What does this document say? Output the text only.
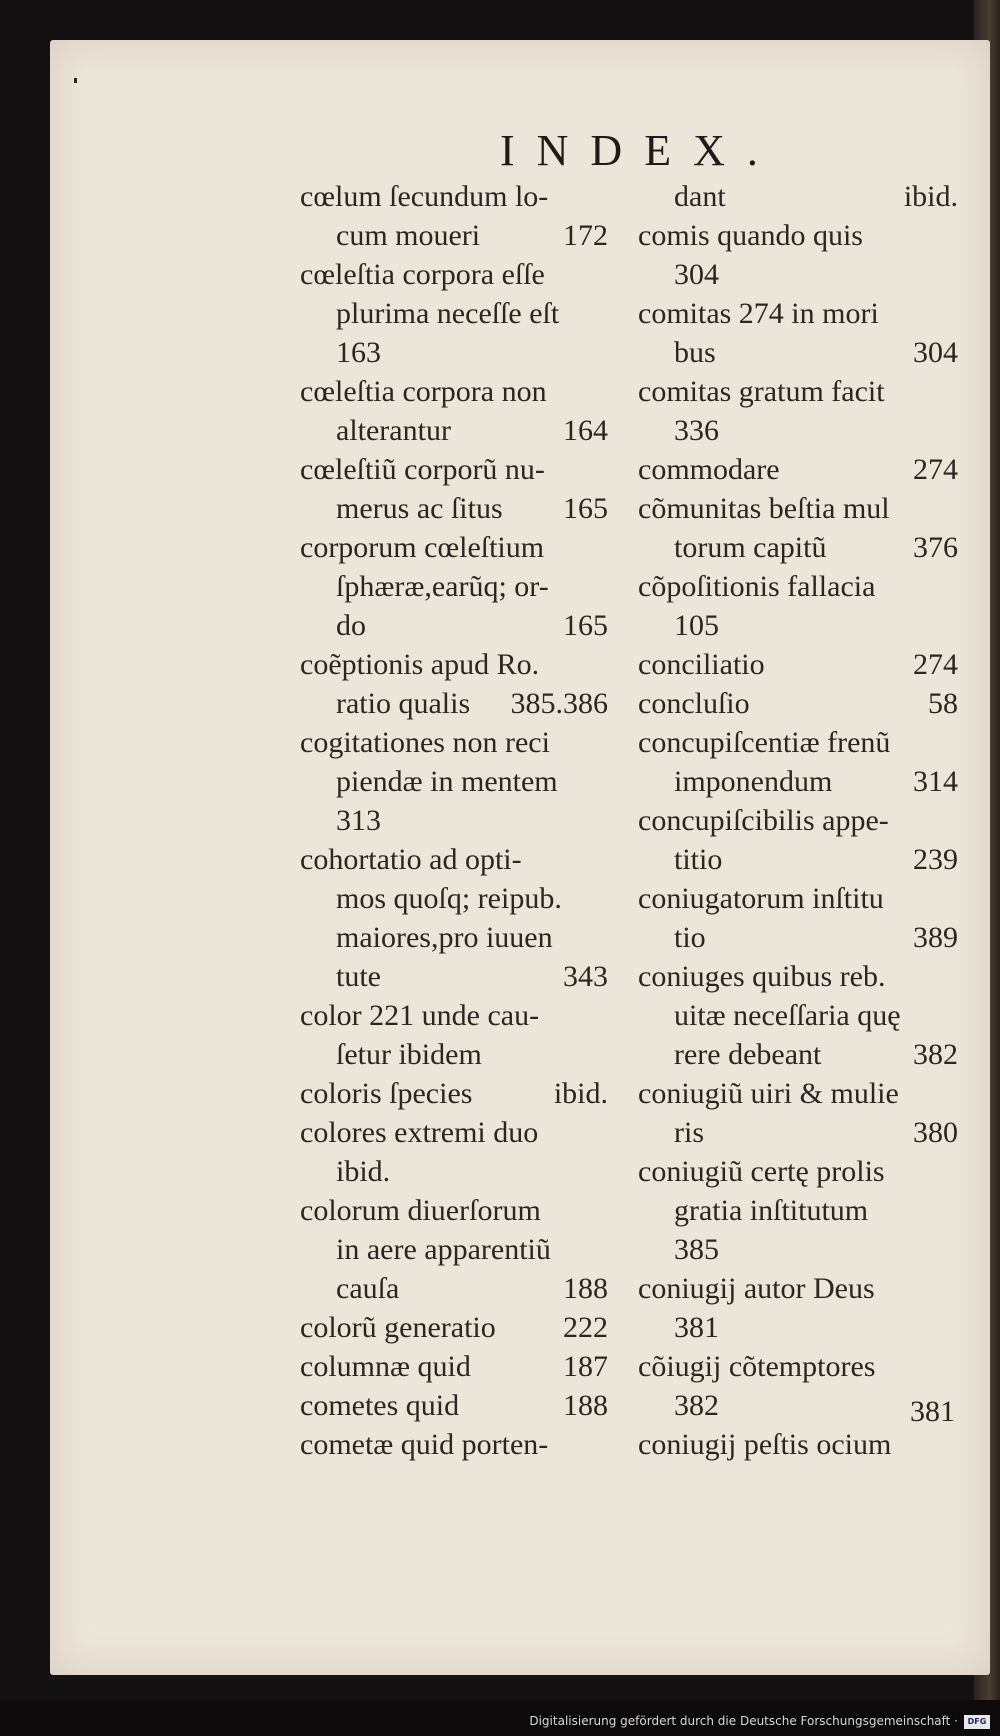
INDEX.
cœlum ſecundum lo-
cum moueri	172
cœleſtia corpora eſſe
plurima neceſſe eſt
163
cœleſtia corpora non
alterantur	164
cœleſtiũ corporũ nu-
merus ac ſitus 165
corporum cœleſtium
ſphæræ,earũq; or-
do	165
coẽptionis apud Ro.
ratio qualis 385.386
cogitationes non reci
piendæ in mentem
313
cohortatio ad opti-
mos quoſq; reipub.
maiores,pro iuuen
tute	343
color 221 unde cau-
ſetur ibidem
coloris ſpecies	ibid.
colores extremi duo
ibid.
colorum diuerſorum
in aere apparentiũ
cauſa	188
colorũ generatio 222
columnæ quid	187
cometes quid	188
cometæ quid porten-
dant	ibid.
comis quando quis
304
comitas 274 in mori
bus	304
comitas gratum facit
336
commodare	274
cõmunitas beſtia mul
torum capitũ	376
cõpoſitionis fallacia
105
conciliatio	274
concluſio	58
concupiſcentiæ frenũ
imponendum	314
concupiſcibilis appe-
titio	239
coniugatorum inſtitu
tio	389
coniuges quibus reb.
uitæ neceſſaria quę
rere debeant	382
coniugiũ uiri & mulie
ris	380
coniugiũ certę prolis
gratia inſtitutum
385
coniugij autor Deus
381
cõiugij cõtemptores
382
coniugij peſtis ocium
381
Digitalisierung gefördert durch die Deutsche Forschungsgemeinschaft ·	DFG
